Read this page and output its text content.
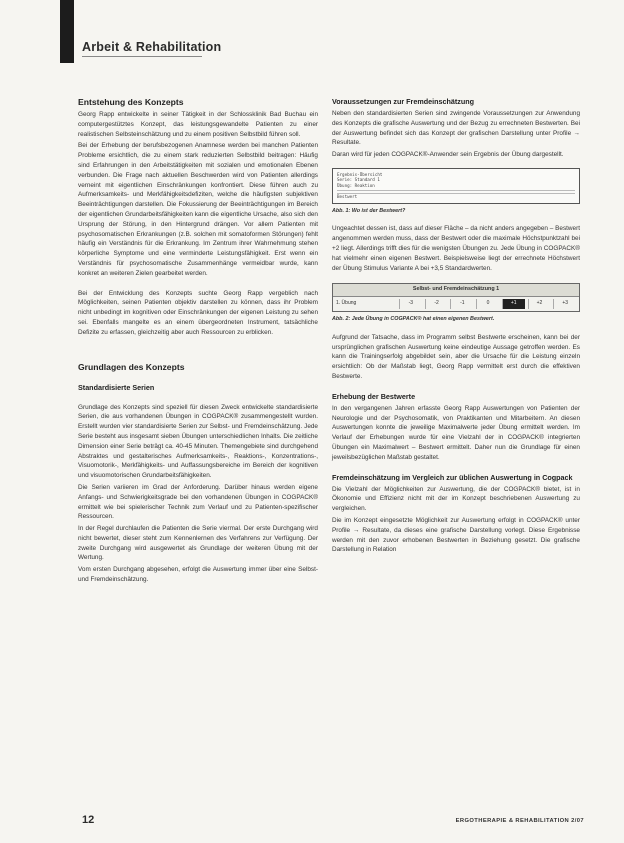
Arbeit & Rehabilitation
Entstehung des Konzepts

Georg Rapp entwickelte in seiner Tätigkeit in der Schlossklinik Bad Buchau ein computergestütztes Konzept, das leistungsgewandelte Patienten zu einer realistischen Selbsteinschätzung und zu einem positiven Selbstbild führen soll.

Bei der Erhebung der berufsbezogenen Anamnese werden bei manchen Patienten Probleme ersichtlich, die zu einem stark reduzierten Selbstbild beitragen: Häufig sind Erfahrungen in den Arbeitstätigkeiten mit sozialen und emotionalen Ebenen verbunden. Die Frage nach aktuellen Beschwerden wird von Patienten allerdings verneint mit eigentlichen Einschränkungen konfrontiert. Diese führen auch zu Aufmerksamkeits- und Merkfähigkeitsdefiziten, welche die häufigsten subjektiven Beeinträchtigungen darstellen. Die Fokussierung der Beeinträchtigungen im Bereich der eigentlichen Grundarbeitsfähigkeiten kann die eigentliche Ursache, also sich den Ursprung der Störung, in den Hintergrund drängen. Vor allem Patienten mit psychosomatischen Erkrankungen (z.B. solchen mit somatoformen Störungen) fehlt häufig ein Verständnis für die Erkrankung. Im Zentrum ihrer Wahrnehmung stehen körperliche Symptome und eine verminderte Leistungsfähigkeit. Erst wenn ein Verständnis für psychosomatische Zusammenhänge vermeidbar wurde, kann konkret an weiteren Zielen gearbeitet werden.

Bei der Entwicklung des Konzepts suchte Georg Rapp vergeblich nach Möglichkeiten, seinen Patienten objektiv darstellen zu können, dass ihr Problem nicht unbedingt im kognitiven oder Einschränkungen der eigenen Leistung zu sehen sei. Ebenfalls mangelte es an einem übergeordneten Instrument, tatsächliche Defizite zu erfassen, gleichzeitig aber auch Ressourcen zu erblicken.

Grundlagen des Konzepts
Standardisierte Serien

Grundlage des Konzepts sind speziell für diesen Zweck entwickelte standardisierte Serien, die aus vorhandenen Übungen in COGPACK® zusammengestellt wurden. Erstellt wurden vier standardisierte Serien zur Selbst- und Fremdeinschätzung. Jede Serie besteht aus insgesamt sieben Übungen unterschiedlichen Inhalts. Die zeitliche Dimension einer Serie beträgt ca. 40-45 Minuten. Themengebiete sind durchgehend Abstraktes und gestalterisches Aufmerksamkeits-, Reaktions-, Konzentrations-, Visuomotorik-, Merkfähigkeits- und Auffassungsbereiche im Bereich der kognitiven und visuomotorischen Grundarbeitsfähigkeiten.

Die Serien variieren im Grad der Anforderung. Darüber hinaus werden eigene Anfangs- und Schwierigkeitsgrade bei den vorhandenen Übungen in COGPACK® ermittelt wie bei spielerischer Technik zum Verlauf und zu Patienten-spezifischer Ressourcen.

In der Regel durchlaufen die Patienten die Serie viermal. Der erste Durchgang wird nicht bewertet, dieser steht zum Kennenlernen des Verfahrens zur Verfügung. Der zweite Durchgang wird ausgewertet als Grundlage der weiteren Übung mit der Wertung.

Vom ersten Durchgang abgesehen, erfolgt die Auswertung immer über eine Selbst- und Fremdeinschätzung.

Voraussetzungen zur Fremdeinschätzung

Neben den standardisierten Serien sind zwingende Voraussetzungen zur Anwendung des Konzepts die grafische Auswertung und der Bezug zu errechneten Bestwerten. Bei der Auswertung befindet sich das Konzept der grafischen Darstellung unter Profile → Resultate.

Daran wird für jeden COGPACK®-Anwender sein Ergebnis der Übung dargestellt.

Ergebnis-Übersicht
Serie: Standard 1
Übung: Reaktion
Bestwert
Abb. 1: Wo ist der Bestwert?

Ungeachtet dessen ist, dass auf dieser Fläche – da nicht anders angegeben – Bestwert angenommen werden muss, dass der Bestwert oder die maximale Höchstpunktzahl bei +2 liegt. Allerdings trifft dies für die wenigsten Übungen zu. Jede Übung in COGPACK® hat vielmehr einen eigenen Bestwert. Beispielsweise liegt der errechnete Höchstwert der Übung Stimulus Variante A bei +3,5 Standardwerten.

Selbst- und Fremdeinschätzung 1
1. Übung	-3	-2	-1	0	+1	+2	+3
Abb. 2: Jede Übung in COGPACK® hat einen eigenen Bestwert.

Aufgrund der Tatsache, dass im Programm selbst Bestwerte erscheinen, kann bei der ursprünglichen grafischen Auswertung keine eindeutige Aussage getroffen werden. Es kann die Trainingserfolg abgebildet sein, aber die Ursache für die Leistung einzeln ersichtlich: Ob der Maßstab liegt, Georg Rapp vermittelt erst durch die effektiven Bestwerte.

Erhebung der Bestwerte

In den vergangenen Jahren erfasste Georg Rapp Auswertungen von Patienten der Neurologie und der Psychosomatik, von Praktikanten und Mitarbeitern. An diesen Auswertungen konnte die jeweilige Maximalwerte jeder Übung ermittelt werden. Im Verlauf der Erhebungen wurde für eine Vielzahl der in COGPACK® integrierten Übungen ein Maximalwert – Bestwert ermittelt. Daher nun die Grundlage für einen jeweilsbezüglichen Maßstab gestaltet.

Fremdeinschätzung im Vergleich zur üblichen Auswertung in Cogpack

Die Vielzahl der Möglichkeiten zur Auswertung, die der COGPACK® bietet, ist in Ökonomie und Effizienz nicht mit der im Konzept beschriebenen Auswertung zu vergleichen.

Die im Konzept eingesetzte Möglichkeit zur Auswertung erfolgt in COGPACK® unter Profile → Resultate, da dieses eine grafische Darstellung vorlegt. Diese Ergebnisse werden mit den zuvor erhobenen Bestwerten in Beziehung gesetzt. Die grafische Darstellung in Relation

12	ERGOTHERAPIE & REHABILITATION 2/07
